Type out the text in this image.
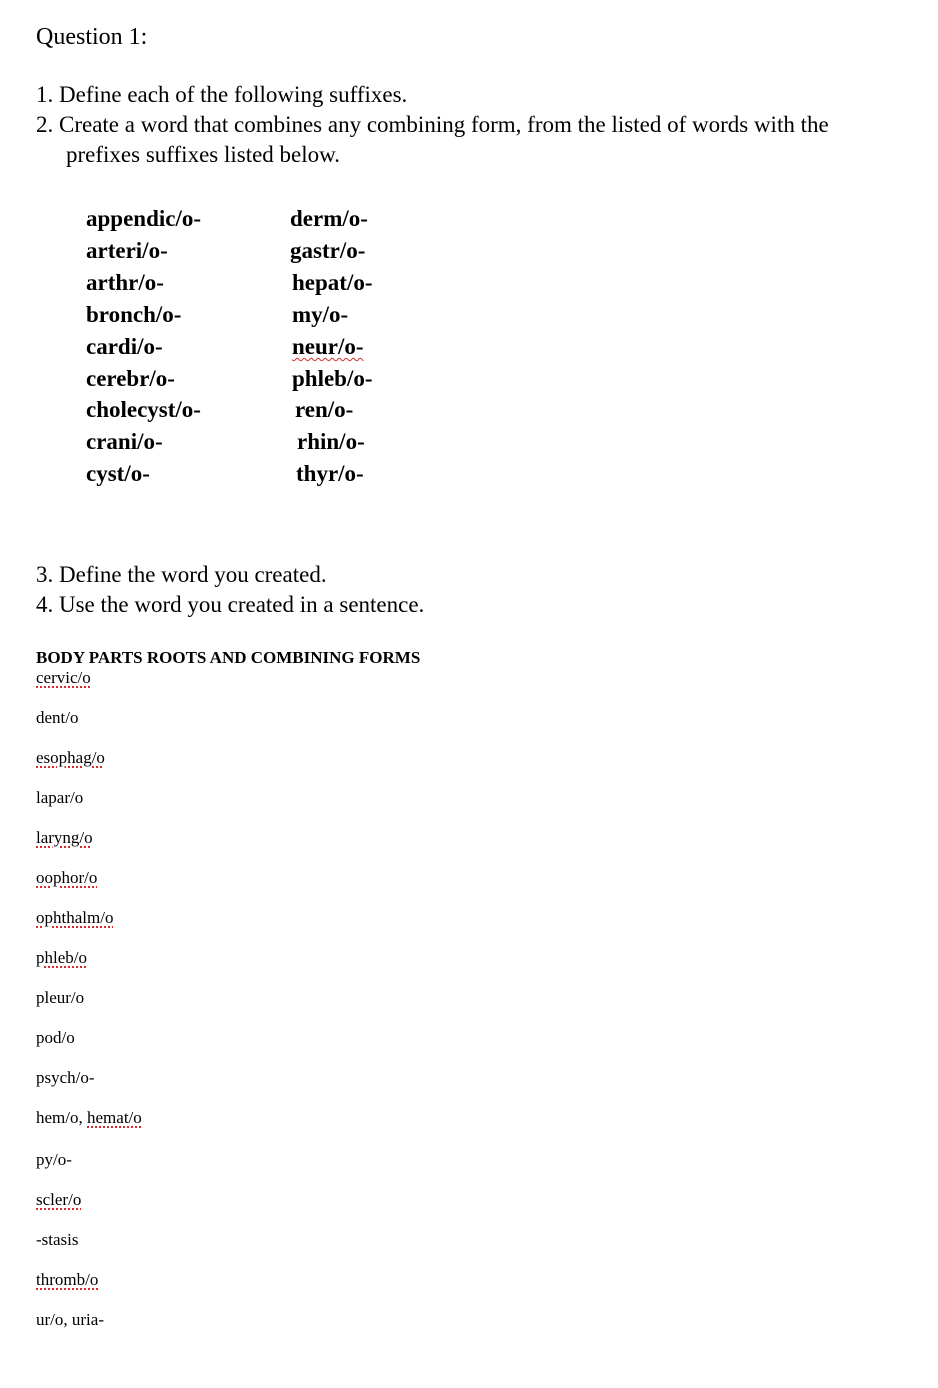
Question 1:
1. Define each of the following suffixes.
2. Create a word that combines any combining form, from the listed of words with the
prefixes suffixes listed below.
appendic/o-
arteri/o-
arthr/o-
bronch/o-
cardi/o-
cerebr/o-
cholecyst/o-
crani/o-
cyst/o-
derm/o-
gastr/o-
hepat/o-
my/o-
neur/o-
phleb/o-
ren/o-
rhin/o-
thyr/o-
3. Define the word you created.
4. Use the word you created in a sentence.
BODY PARTS ROOTS AND COMBINING FORMS
cervic/o
dent/o
esophag/o
lapar/o
laryng/o
oophor/o
ophthalm/o
phleb/o
pleur/o
pod/o
psych/o-
hem/o, hemat/o
py/o-
scler/o
-stasis
thromb/o
ur/o, uria-
